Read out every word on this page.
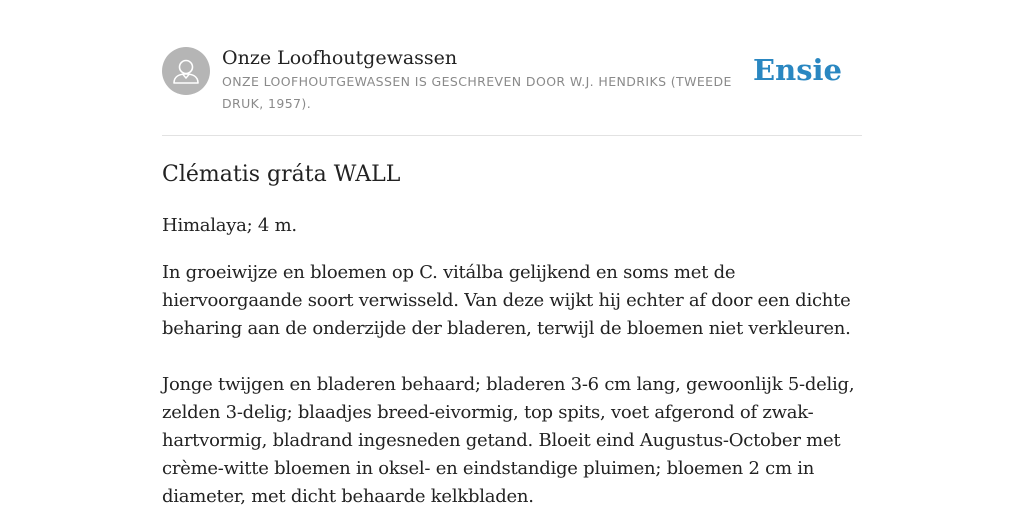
Onze Loofhoutgewassen
ONZE LOOFHOUTGEWASSEN IS GESCHREVEN DOOR W.J. HENDRIKS (TWEEDE DRUK, 1957).
Ensie
Clématis gráta WALL

Himalaya; 4 m.

In groeiwijze en bloemen op C. vitálba gelijkend en soms met de hiervoorgaande soort verwisseld. Van deze wijkt hij echter af door een dichte beharing aan de onderzijde der bladeren, terwijl de bloemen niet verkleuren.

Jonge twijgen en bladeren behaard; bladeren 3-6 cm lang, gewoonlijk 5-delig, zelden 3-delig; blaadjes breed-eivormig, top spits, voet afgerond of zwak-hartvormig, bladrand ingesneden getand. Bloeit eind Augustus-October met crème-witte bloemen in oksel- en eindstandige pluimen; bloemen 2 cm in diameter, met dicht behaarde kelkbladen.
